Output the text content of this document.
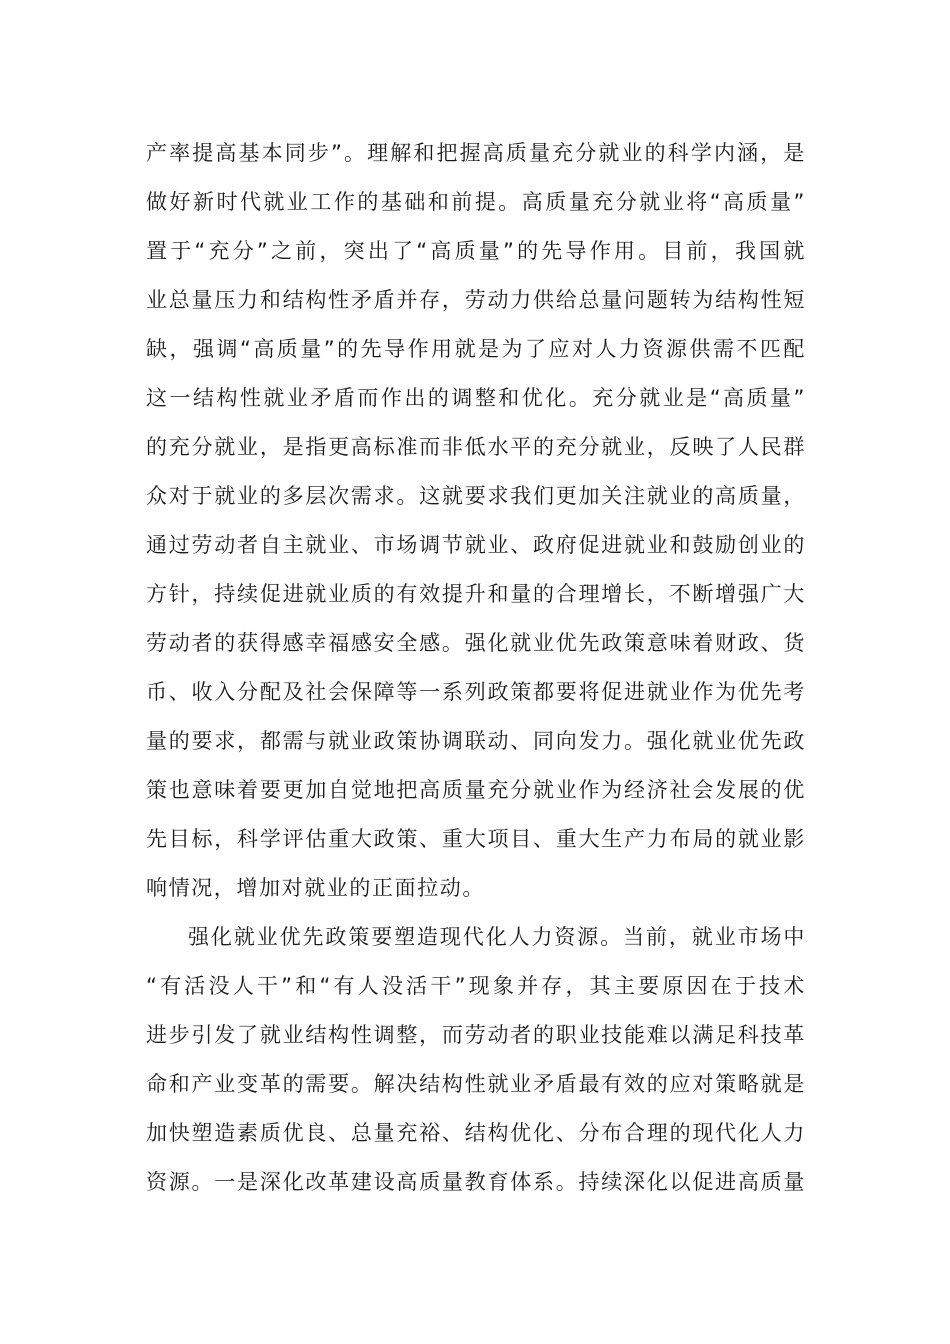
产率提高基本同步”。理解和把握高质量充分就业的科学内涵，是
做好新时代就业工作的基础和前提。高质量充分就业将“高质量”
置于“充分”之前，突出了“高质量”的先导作用。目前，我国就
业总量压力和结构性矛盾并存，劳动力供给总量问题转为结构性短
缺，强调“高质量”的先导作用就是为了应对人力资源供需不匹配
这一结构性就业矛盾而作出的调整和优化。充分就业是“高质量”
的充分就业，是指更高标准而非低水平的充分就业，反映了人民群
众对于就业的多层次需求。这就要求我们更加关注就业的高质量，
通过劳动者自主就业、市场调节就业、政府促进就业和鼓励创业的
方针，持续促进就业质的有效提升和量的合理增长，不断增强广大
劳动者的获得感幸福感安全感。强化就业优先政策意味着财政、货
币、收入分配及社会保障等一系列政策都要将促进就业作为优先考
量的要求，都需与就业政策协调联动、同向发力。强化就业优先政
策也意味着要更加自觉地把高质量充分就业作为经济社会发展的优
先目标，科学评估重大政策、重大项目、重大生产力布局的就业影
响情况，增加对就业的正面拉动。
强化就业优先政策要塑造现代化人力资源。当前，就业市场中
“有活没人干”和“有人没活干”现象并存，其主要原因在于技术
进步引发了就业结构性调整，而劳动者的职业技能难以满足科技革
命和产业变革的需要。解决结构性就业矛盾最有效的应对策略就是
加快塑造素质优良、总量充裕、结构优化、分布合理的现代化人力
资源。一是深化改革建设高质量教育体系。持续深化以促进高质量
